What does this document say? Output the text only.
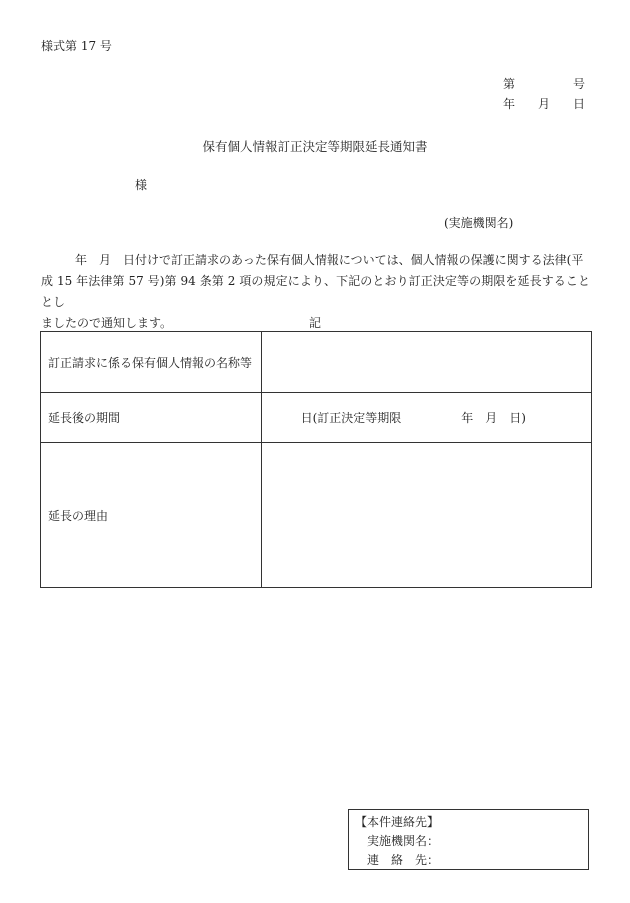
様式第 17 号
第	号
年 月 日
保有個人情報訂正決定等期限延長通知書
様
(実施機関名)
年　月　日付けで訂正請求のあった保有個人情報については、個人情報の保護に関する法律(平
成 15 年法律第 57 号)第 94 条第 2 項の規定により、下記のとおり訂正決定等の期限を延長することとし
ましたので通知します。	記
訂正請求に係る保有個人情報の名称等	
延長後の期間	日(訂正決定等期限　　　　　年　月　日)
延長の理由	
【本件連絡先】
実施機関名：
連　絡　先：
